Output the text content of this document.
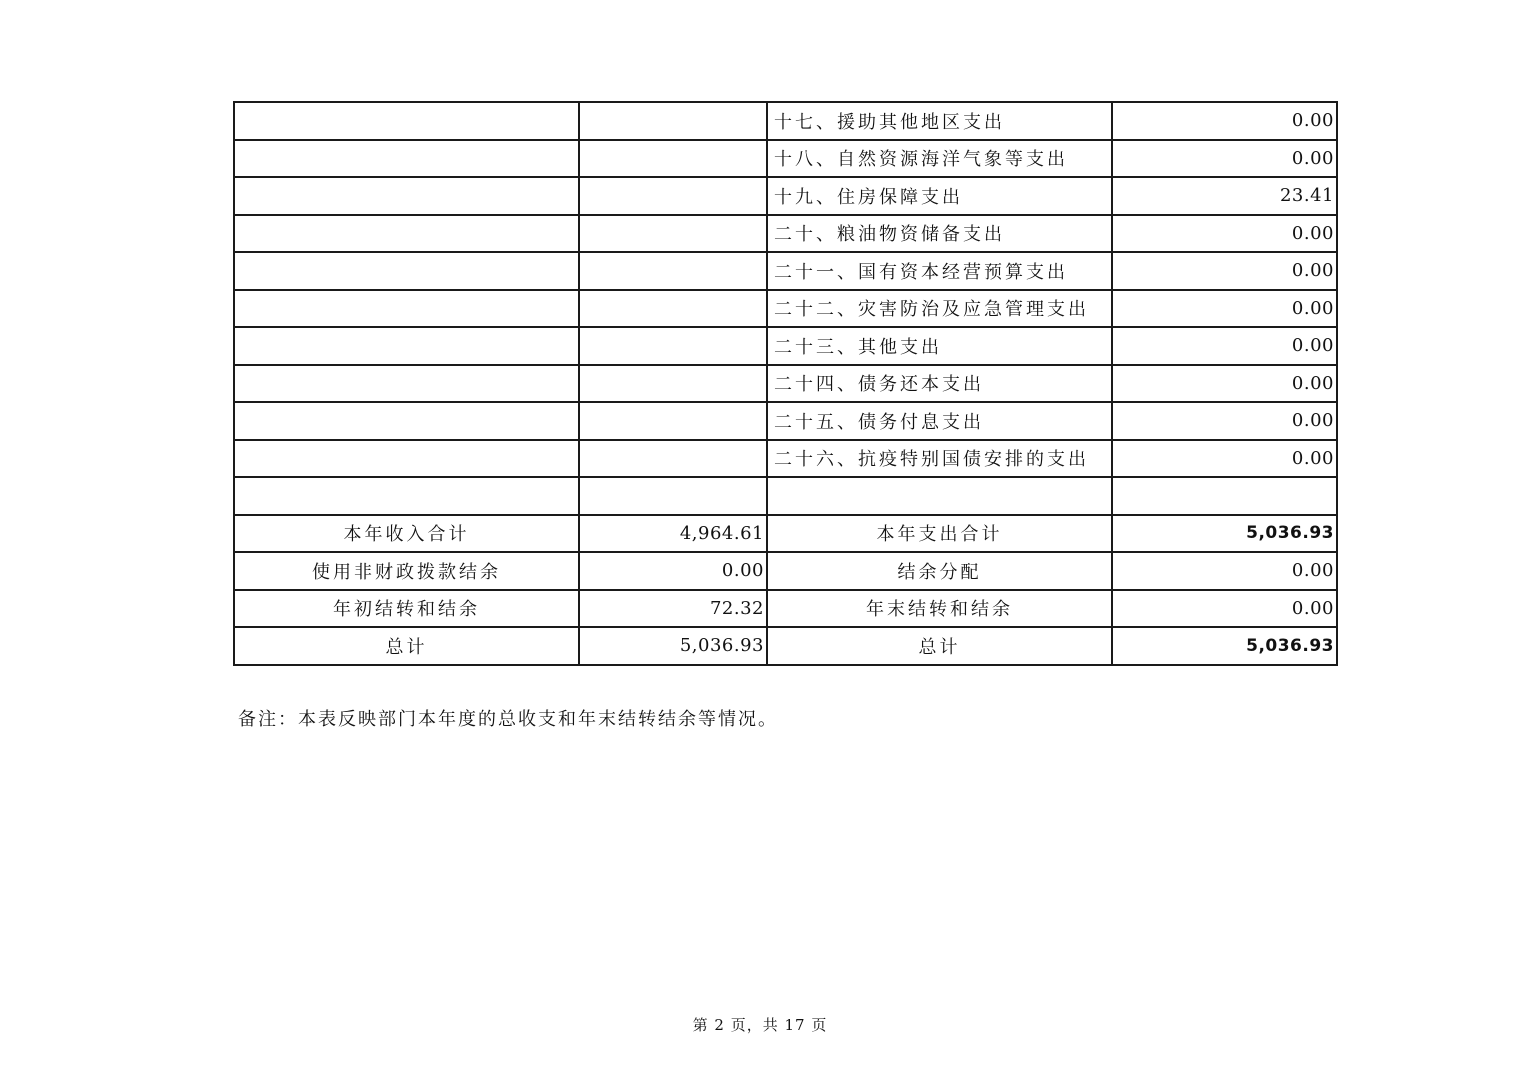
		十七、援助其他地区支出	0.00
		十八、自然资源海洋气象等支出	0.00
		十九、住房保障支出	23.41
		二十、粮油物资储备支出	0.00
		二十一、国有资本经营预算支出	0.00
		二十二、灾害防治及应急管理支出	0.00
		二十三、其他支出	0.00
		二十四、债务还本支出	0.00
		二十五、债务付息支出	0.00
		二十六、抗疫特别国债安排的支出	0.00

本年收入合计	4,964.61	本年支出合计	5,036.93
使用非财政拨款结余	0.00	结余分配	0.00
年初结转和结余	72.32	年末结转和结余	0.00
总计	5,036.93	总计	5,036.93
备注：本表反映部门本年度的总收支和年末结转结余等情况。
第 2 页，共 17 页
